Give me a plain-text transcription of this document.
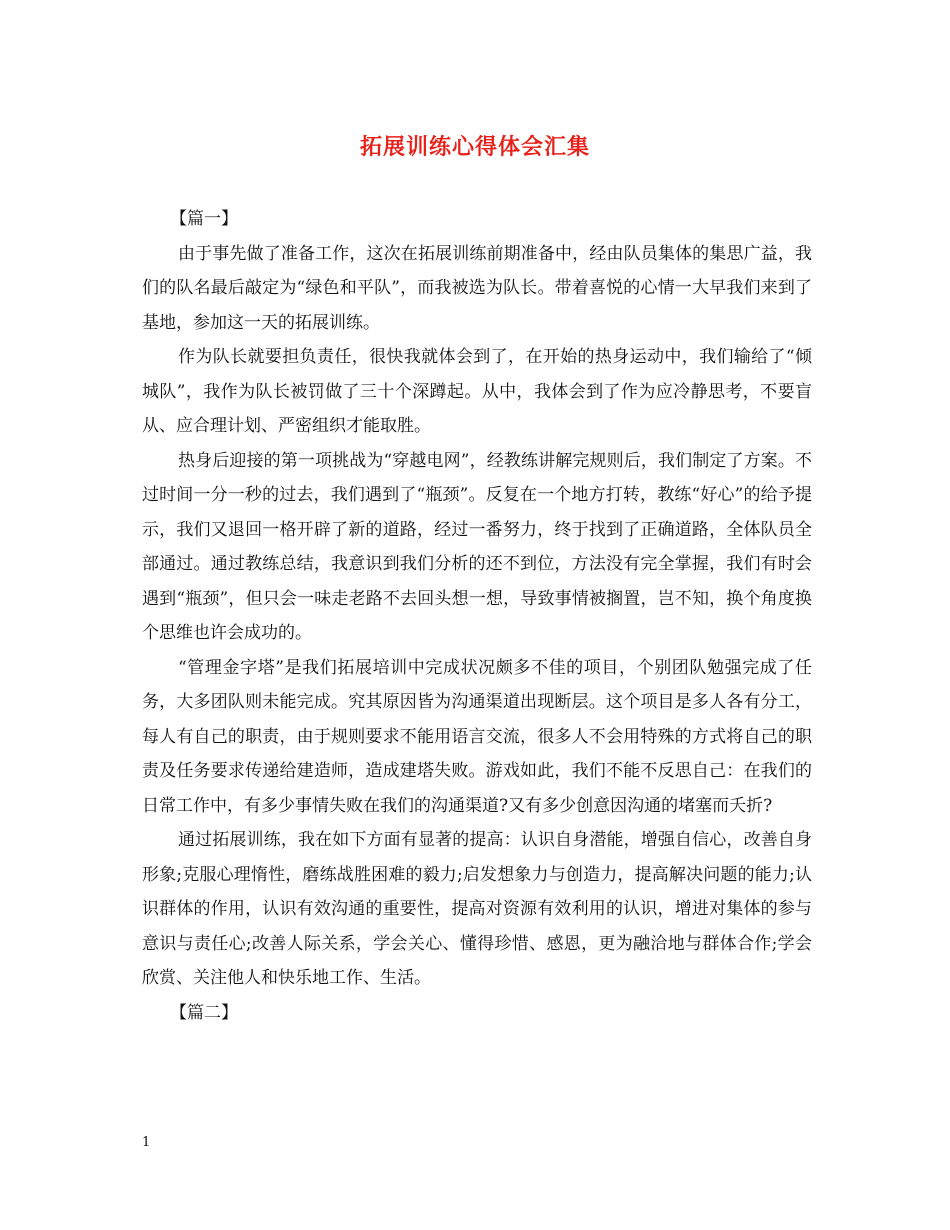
拓展训练心得体会汇集

【篇一】

由于事先做了准备工作，这次在拓展训练前期准备中，经由队员集体的集思广益，我们的队名最后敲定为“绿色和平队”，而我被选为队长。带着喜悦的心情一大早我们来到了基地，参加这一天的拓展训练。

作为队长就要担负责任，很快我就体会到了，在开始的热身运动中，我们输给了“倾城队”，我作为队长被罚做了三十个深蹲起。从中，我体会到了作为应冷静思考，不要盲从、应合理计划、严密组织才能取胜。

热身后迎接的第一项挑战为“穿越电网”，经教练讲解完规则后，我们制定了方案。不过时间一分一秒的过去，我们遇到了“瓶颈”。反复在一个地方打转，教练“好心”的给予提示，我们又退回一格开辟了新的道路，经过一番努力，终于找到了正确道路，全体队员全部通过。通过教练总结，我意识到我们分析的还不到位，方法没有完全掌握，我们有时会遇到“瓶颈”，但只会一味走老路不去回头想一想，导致事情被搁置，岂不知，换个角度换个思维也许会成功的。

“管理金字塔”是我们拓展培训中完成状况颇多不佳的项目，个别团队勉强完成了任务，大多团队则未能完成。究其原因皆为沟通渠道出现断层。这个项目是多人各有分工，每人有自己的职责，由于规则要求不能用语言交流，很多人不会用特殊的方式将自己的职责及任务要求传递给建造师，造成建塔失败。游戏如此，我们不能不反思自己：在我们的日常工作中，有多少事情失败在我们的沟通渠道?又有多少创意因沟通的堵塞而夭折?

通过拓展训练，我在如下方面有显著的提高：认识自身潜能，增强自信心，改善自身形象;克服心理惰性，磨练战胜困难的毅力;启发想象力与创造力，提高解决问题的能力;认识群体的作用，认识有效沟通的重要性，提高对资源有效利用的认识，增进对集体的参与意识与责任心;改善人际关系，学会关心、懂得珍惜、感恩，更为融洽地与群体合作;学会欣赏、关注他人和快乐地工作、生活。

【篇二】

1
